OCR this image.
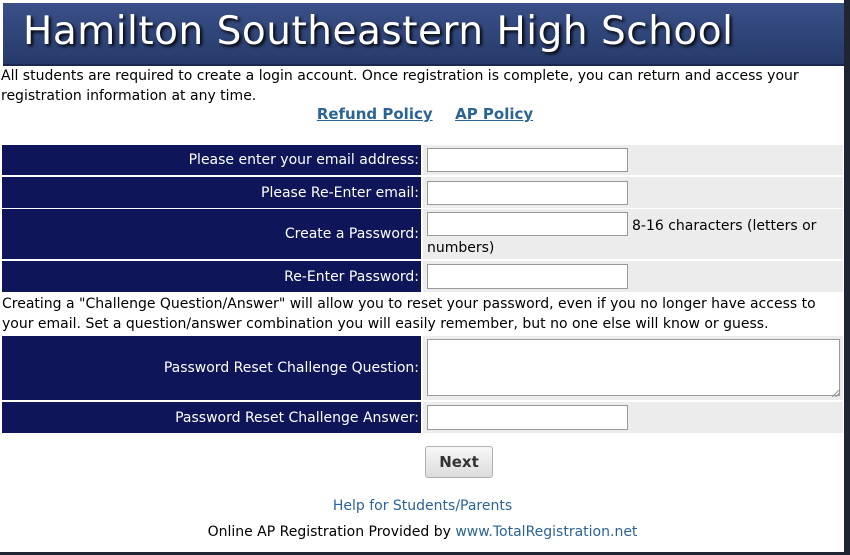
Hamilton Southeastern High School
All students are required to create a login account. Once registration is complete, you can return and access your registration information at any time.
Refund Policy AP Policy
Please enter your email address:
Please Re-Enter email:
Create a Password:	8-16 characters (letters or numbers)
Re-Enter Password:
Creating a "Challenge Question/Answer" will allow you to reset your password, even if you no longer have access to your email. Set a question/answer combination you will easily remember, but no one else will know or guess.
Password Reset Challenge Question:
Password Reset Challenge Answer:
Next
Help for Students/Parents
Online AP Registration Provided by www.TotalRegistration.net
